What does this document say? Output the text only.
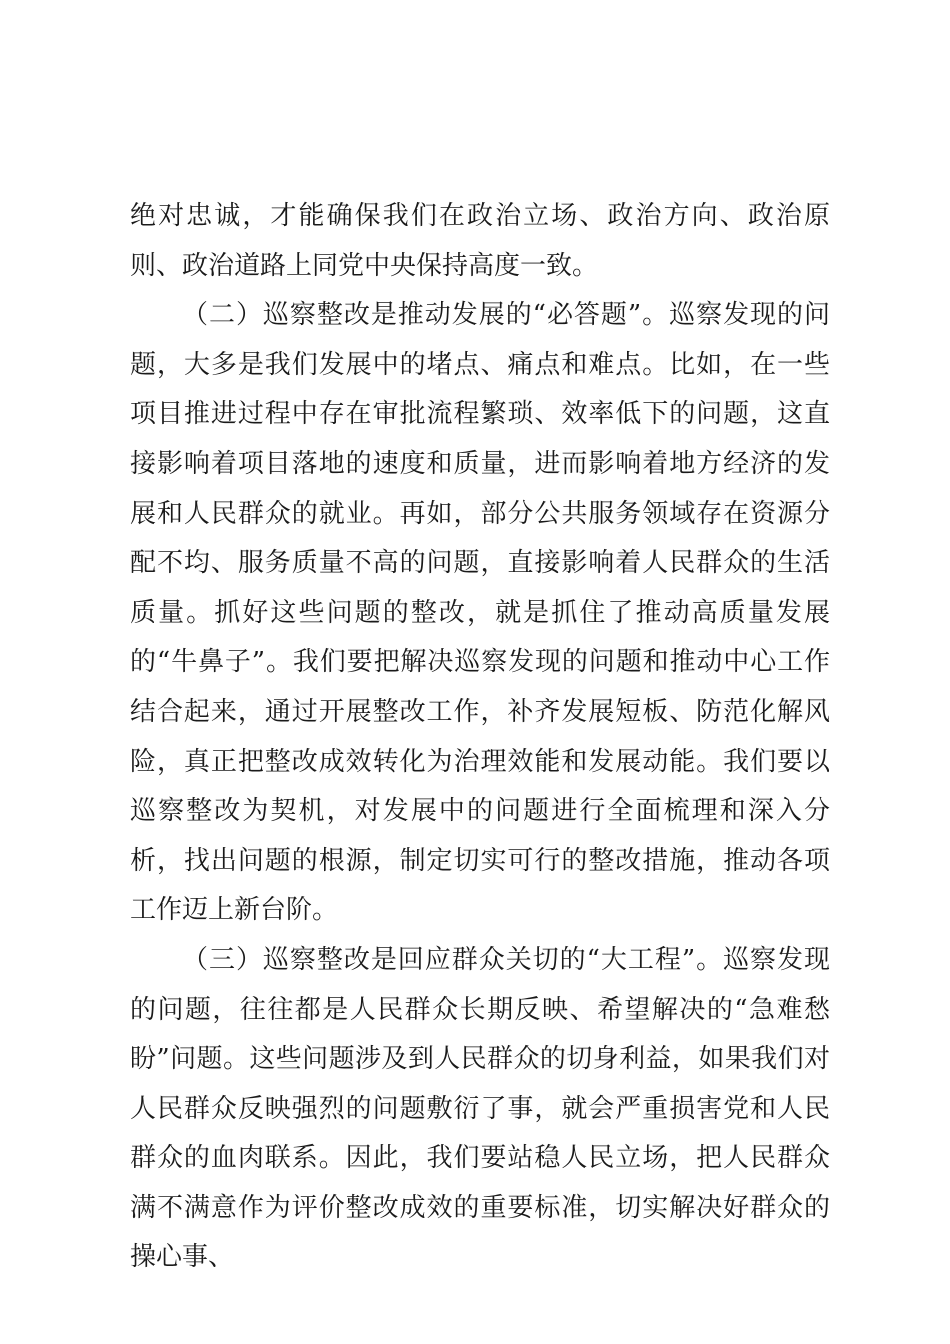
绝对忠诚，才能确保我们在政治立场、政治方向、政治原则、政治道路上同党中央保持高度一致。

（二）巡察整改是推动发展的“必答题”。巡察发现的问题，大多是我们发展中的堵点、痛点和难点。比如，在一些项目推进过程中存在审批流程繁琐、效率低下的问题，这直接影响着项目落地的速度和质量，进而影响着地方经济的发展和人民群众的就业。再如，部分公共服务领域存在资源分配不均、服务质量不高的问题，直接影响着人民群众的生活质量。抓好这些问题的整改，就是抓住了推动高质量发展的“牛鼻子”。我们要把解决巡察发现的问题和推动中心工作结合起来，通过开展整改工作，补齐发展短板、防范化解风险，真正把整改成效转化为治理效能和发展动能。我们要以巡察整改为契机，对发展中的问题进行全面梳理和深入分析，找出问题的根源，制定切实可行的整改措施，推动各项工作迈上新台阶。

（三）巡察整改是回应群众关切的“大工程”。巡察发现的问题，往往都是人民群众长期反映、希望解决的“急难愁盼”问题。这些问题涉及到人民群众的切身利益，如果我们对人民群众反映强烈的问题敷衍了事，就会严重损害党和人民群众的血肉联系。因此，我们要站稳人民立场，把人民群众满不满意作为评价整改成效的重要标准，切实解决好群众的操心事、
